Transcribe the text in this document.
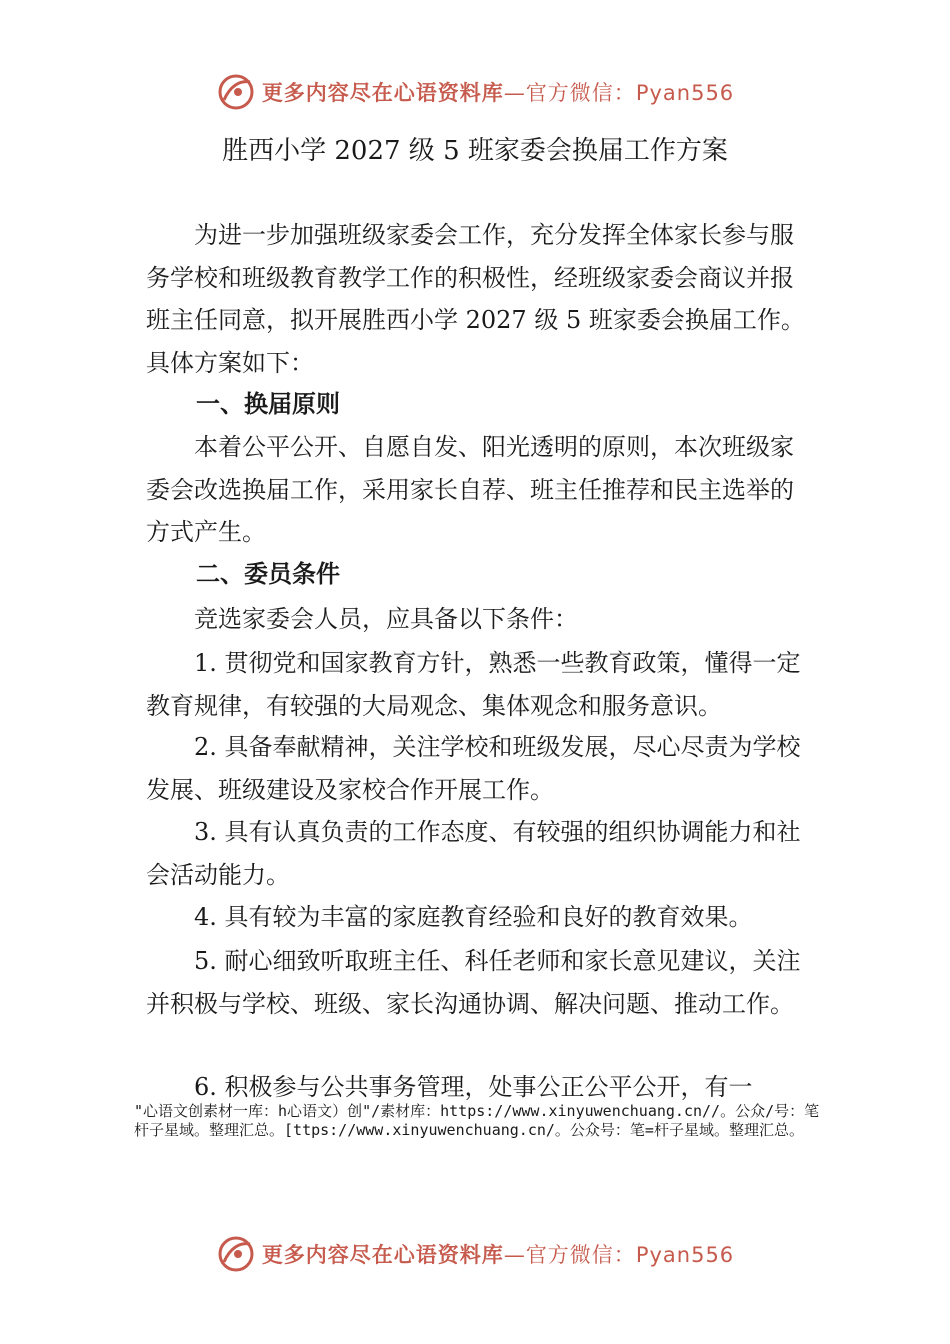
更多内容尽在心语资料库—官方微信：Pyan556
胜西小学 2027 级 5 班家委会换届工作方案

为进一步加强班级家委会工作，充分发挥全体家长参与服务学校和班级教育教学工作的积极性，经班级家委会商议并报班主任同意，拟开展胜西小学 2027 级 5 班家委会换届工作。具体方案如下：

一、换届原则

本着公平公开、自愿自发、阳光透明的原则，本次班级家委会改选换届工作，采用家长自荐、班主任推荐和民主选举的方式产生。

二、委员条件

竞选家委会人员，应具备以下条件：

1. 贯彻党和国家教育方针，熟悉一些教育政策，懂得一定教育规律，有较强的大局观念、集体观念和服务意识。

2. 具备奉献精神，关注学校和班级发展，尽心尽责为学校发展、班级建设及家校合作开展工作。

3. 具有认真负责的工作态度、有较强的组织协调能力和社会活动能力。

4. 具有较为丰富的家庭教育经验和良好的教育效果。

5. 耐心细致听取班主任、科任老师和家长意见建议，关注并积极与学校、班级、家长沟通协调、解决问题、推动工作。

6. 积极参与公共事务管理，处事公正公平公开，有一

"心语文创素材一库：h心语文）创"/素材库：https://www.xinyuwenchuang.cn//。公众/号：笔杆子星域。整理汇总。[ttps://www.xinyuwenchuang.cn/。公众号：笔=杆子星域。整理汇总。

更多内容尽在心语资料库—官方微信：Pyan556
